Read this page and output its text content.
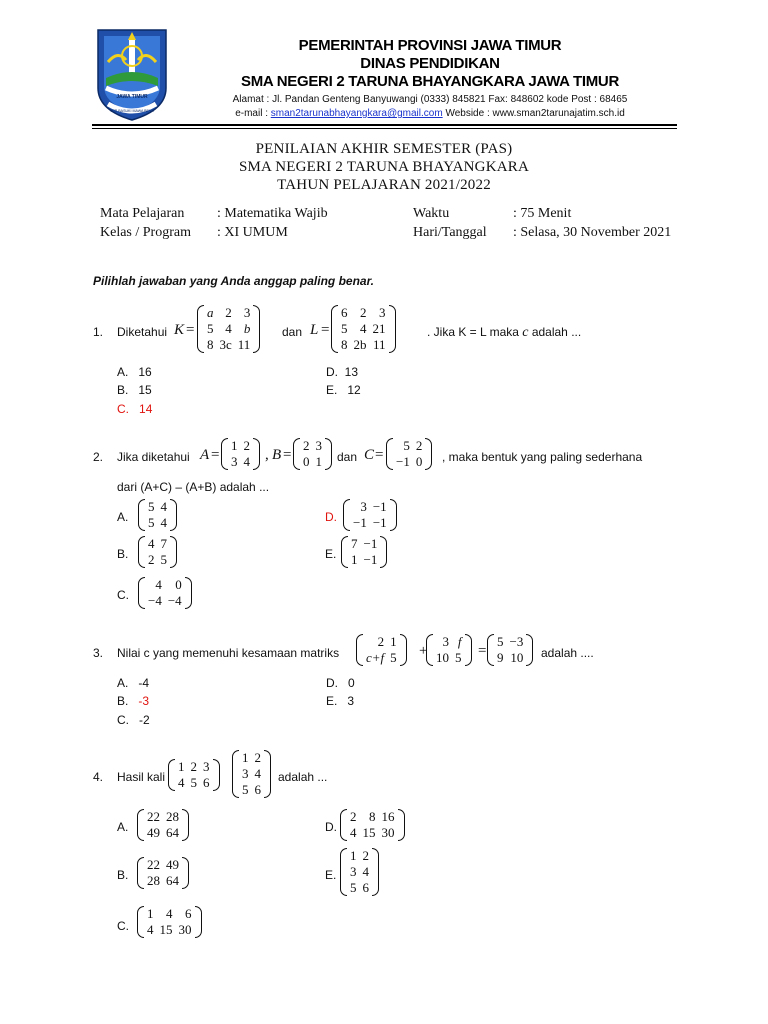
JAWA TIMUR
JER BASUKI MAWA BEYA
PEMERINTAH PROVINSI JAWA TIMUR
DINAS PENDIDIKAN
SMA NEGERI 2 TARUNA BHAYANGKARA JAWA TIMUR
Alamat : Jl. Pandan Genteng Banyuwangi (0333) 845821 Fax: 848602 kode Post : 68465
e-mail : sman2tarunabhayangkara@gmail.com Webside : www.sman2tarunajatim.sch.id
PENILAIAN AKHIR SEMESTER (PAS)
SMA NEGERI 2 TARUNA BHAYANGKARA
TAHUN PELAJARAN 2021/2022
Mata Pelajaran : Matematika Wajib	Waktu	: 75 Menit
Kelas / Program : XI UMUM	Hari/Tanggal : Selasa, 30 November 2021
Pilihlah jawaban yang Anda anggap paling benar.
1. Diketahui K =
a	2	3
5	4	b
8	3c	11
dan L =
6	2	3
5	4	21
8	2b	11
. Jika K = L maka c adalah ...
A. 16
B. 15
C. 14
D. 13
E. 12
2. Jika diketahui A =
1	2
3	4 , B =
2	3
0	1 dan C =
5	2
−1	0 , maka bentuk yang paling sederhana
dari (A+C) – (A+B) adalah ...
A.
5	4
5	4
B.
4	7
2	5
C.
4	0
−4	−4
D.
3	−1
−1	−1
E.
7	−1
1	−1
3. Nilai c yang memenuhi kesamaan matriks
2	1
c+f	5 +
3	f
10	5 =
5	−3
9	10 adalah ....
A. -4
B. -3
C. -2
D. 0
E. 3
4. Hasil kali
1	2	3
4	5	6
1	2
3	4
5	6
adalah ...
A.
22	28
49	64
B.
22	49
28	64
C.
1	4	6
4	15	30
D.
2	8	16
4	15	30
E.
1	2
3	4
5	6
